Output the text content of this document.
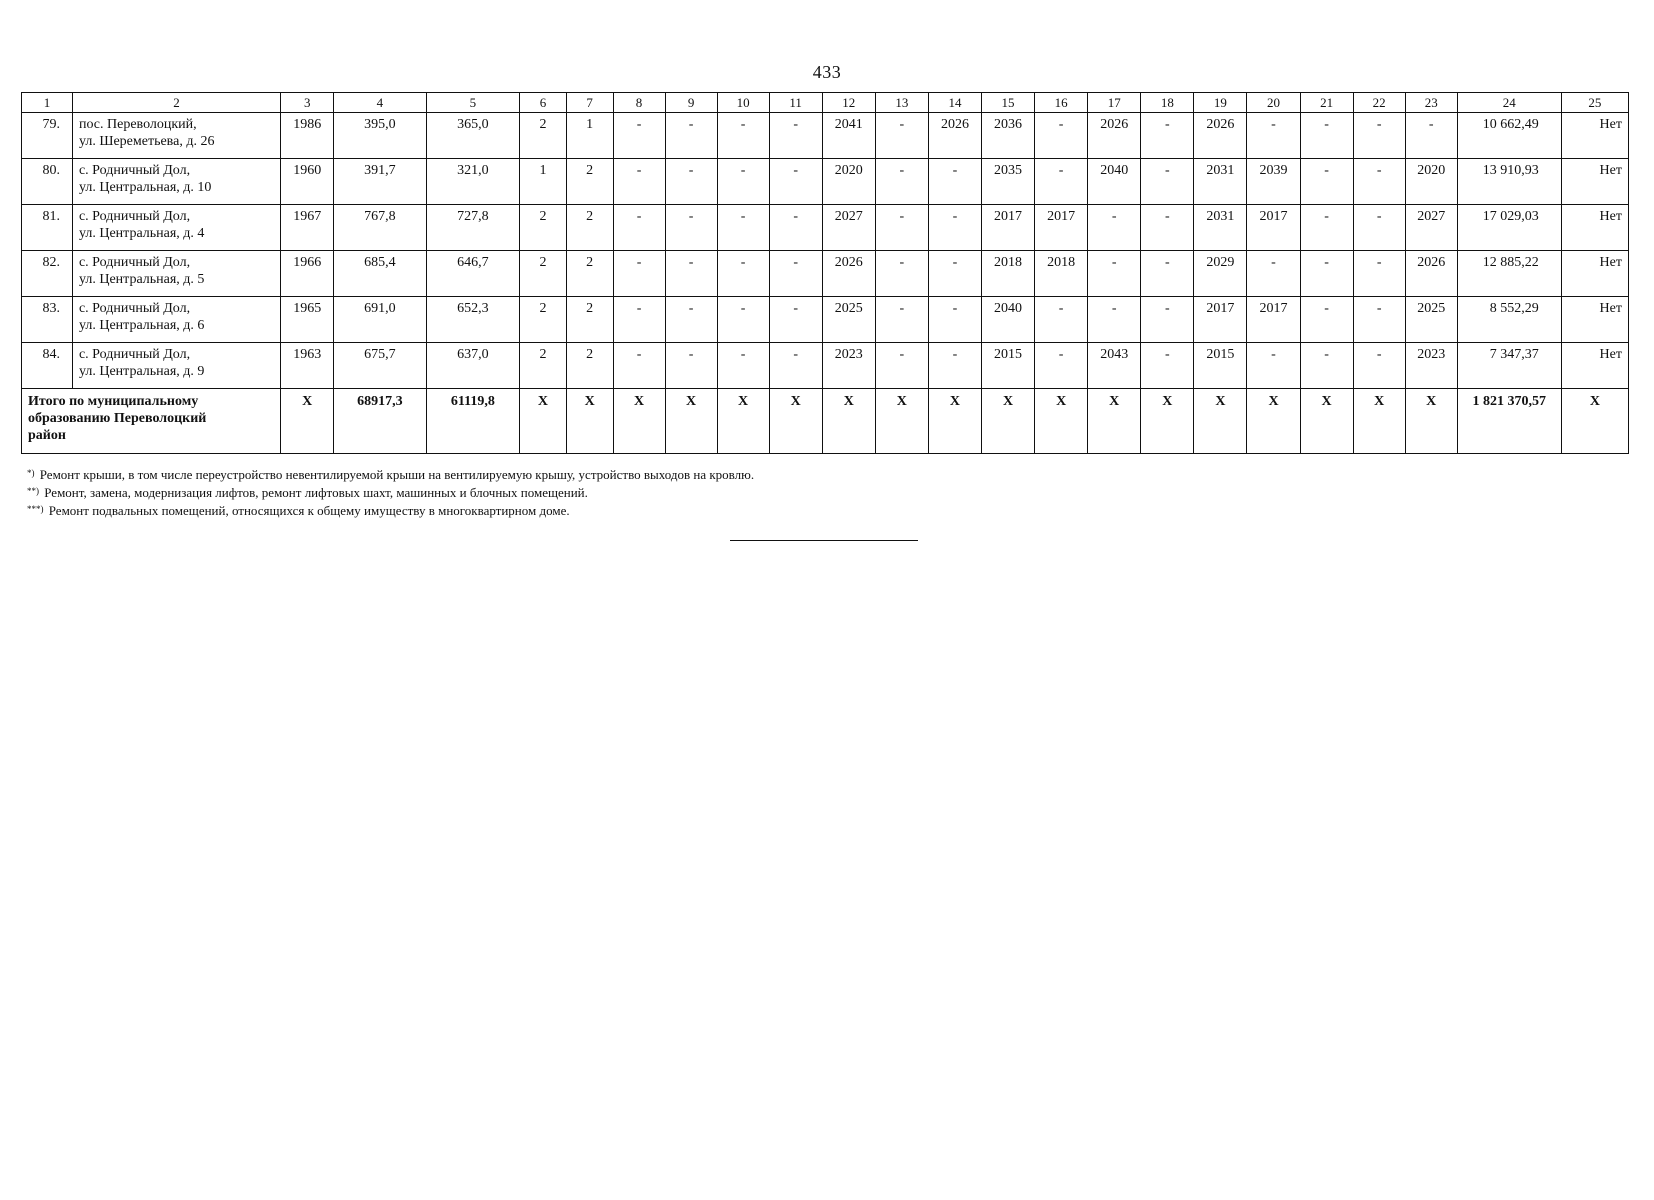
433
1	2	3	4	5	6	7	8	9	10	11	12	13	14	15	16	17	18	19	20	21	22	23	24	25
79.	пос. Переволоцкий,
ул. Шереметьева, д. 26	1986	395,0	365,0	2	1	-	-	-	-	2041	-	2026	2036	-	2026	-	2026	-	-	-	-	10 662,49	Нет
80.	с. Родничный Дол,
ул. Центральная, д. 10	1960	391,7	321,0	1	2	-	-	-	-	2020	-	-	2035	-	2040	-	2031	2039	-	-	2020	13 910,93	Нет
81.	с. Родничный Дол,
ул. Центральная, д. 4	1967	767,8	727,8	2	2	-	-	-	-	2027	-	-	2017	2017	-	-	2031	2017	-	-	2027	17 029,03	Нет
82.	с. Родничный Дол,
ул. Центральная, д. 5	1966	685,4	646,7	2	2	-	-	-	-	2026	-	-	2018	2018	-	-	2029	-	-	-	2026	12 885,22	Нет
83.	с. Родничный Дол,
ул. Центральная, д. 6	1965	691,0	652,3	2	2	-	-	-	-	2025	-	-	2040	-	-	-	2017	2017	-	-	2025	8 552,29	Нет
84.	с. Родничный Дол,
ул. Центральная, д. 9	1963	675,7	637,0	2	2	-	-	-	-	2023	-	-	2015	-	2043	-	2015	-	-	-	2023	7 347,37	Нет
Итого по муниципальному
образованию Переволоцкий
район		X	68917,3	61119,8	X	X	X	X	X	X	X	X	X	X	X	X	X	X	X	X	X	X	1 821 370,57	X
*) Ремонт крыши, в том числе переустройство невентилируемой крыши на вентилируемую крышу, устройство выходов на кровлю.
**) Ремонт, замена, модернизация лифтов, ремонт лифтовых шахт, машинных и блочных помещений.
***) Ремонт подвальных помещений, относящихся к общему имуществу в многоквартирном доме.
